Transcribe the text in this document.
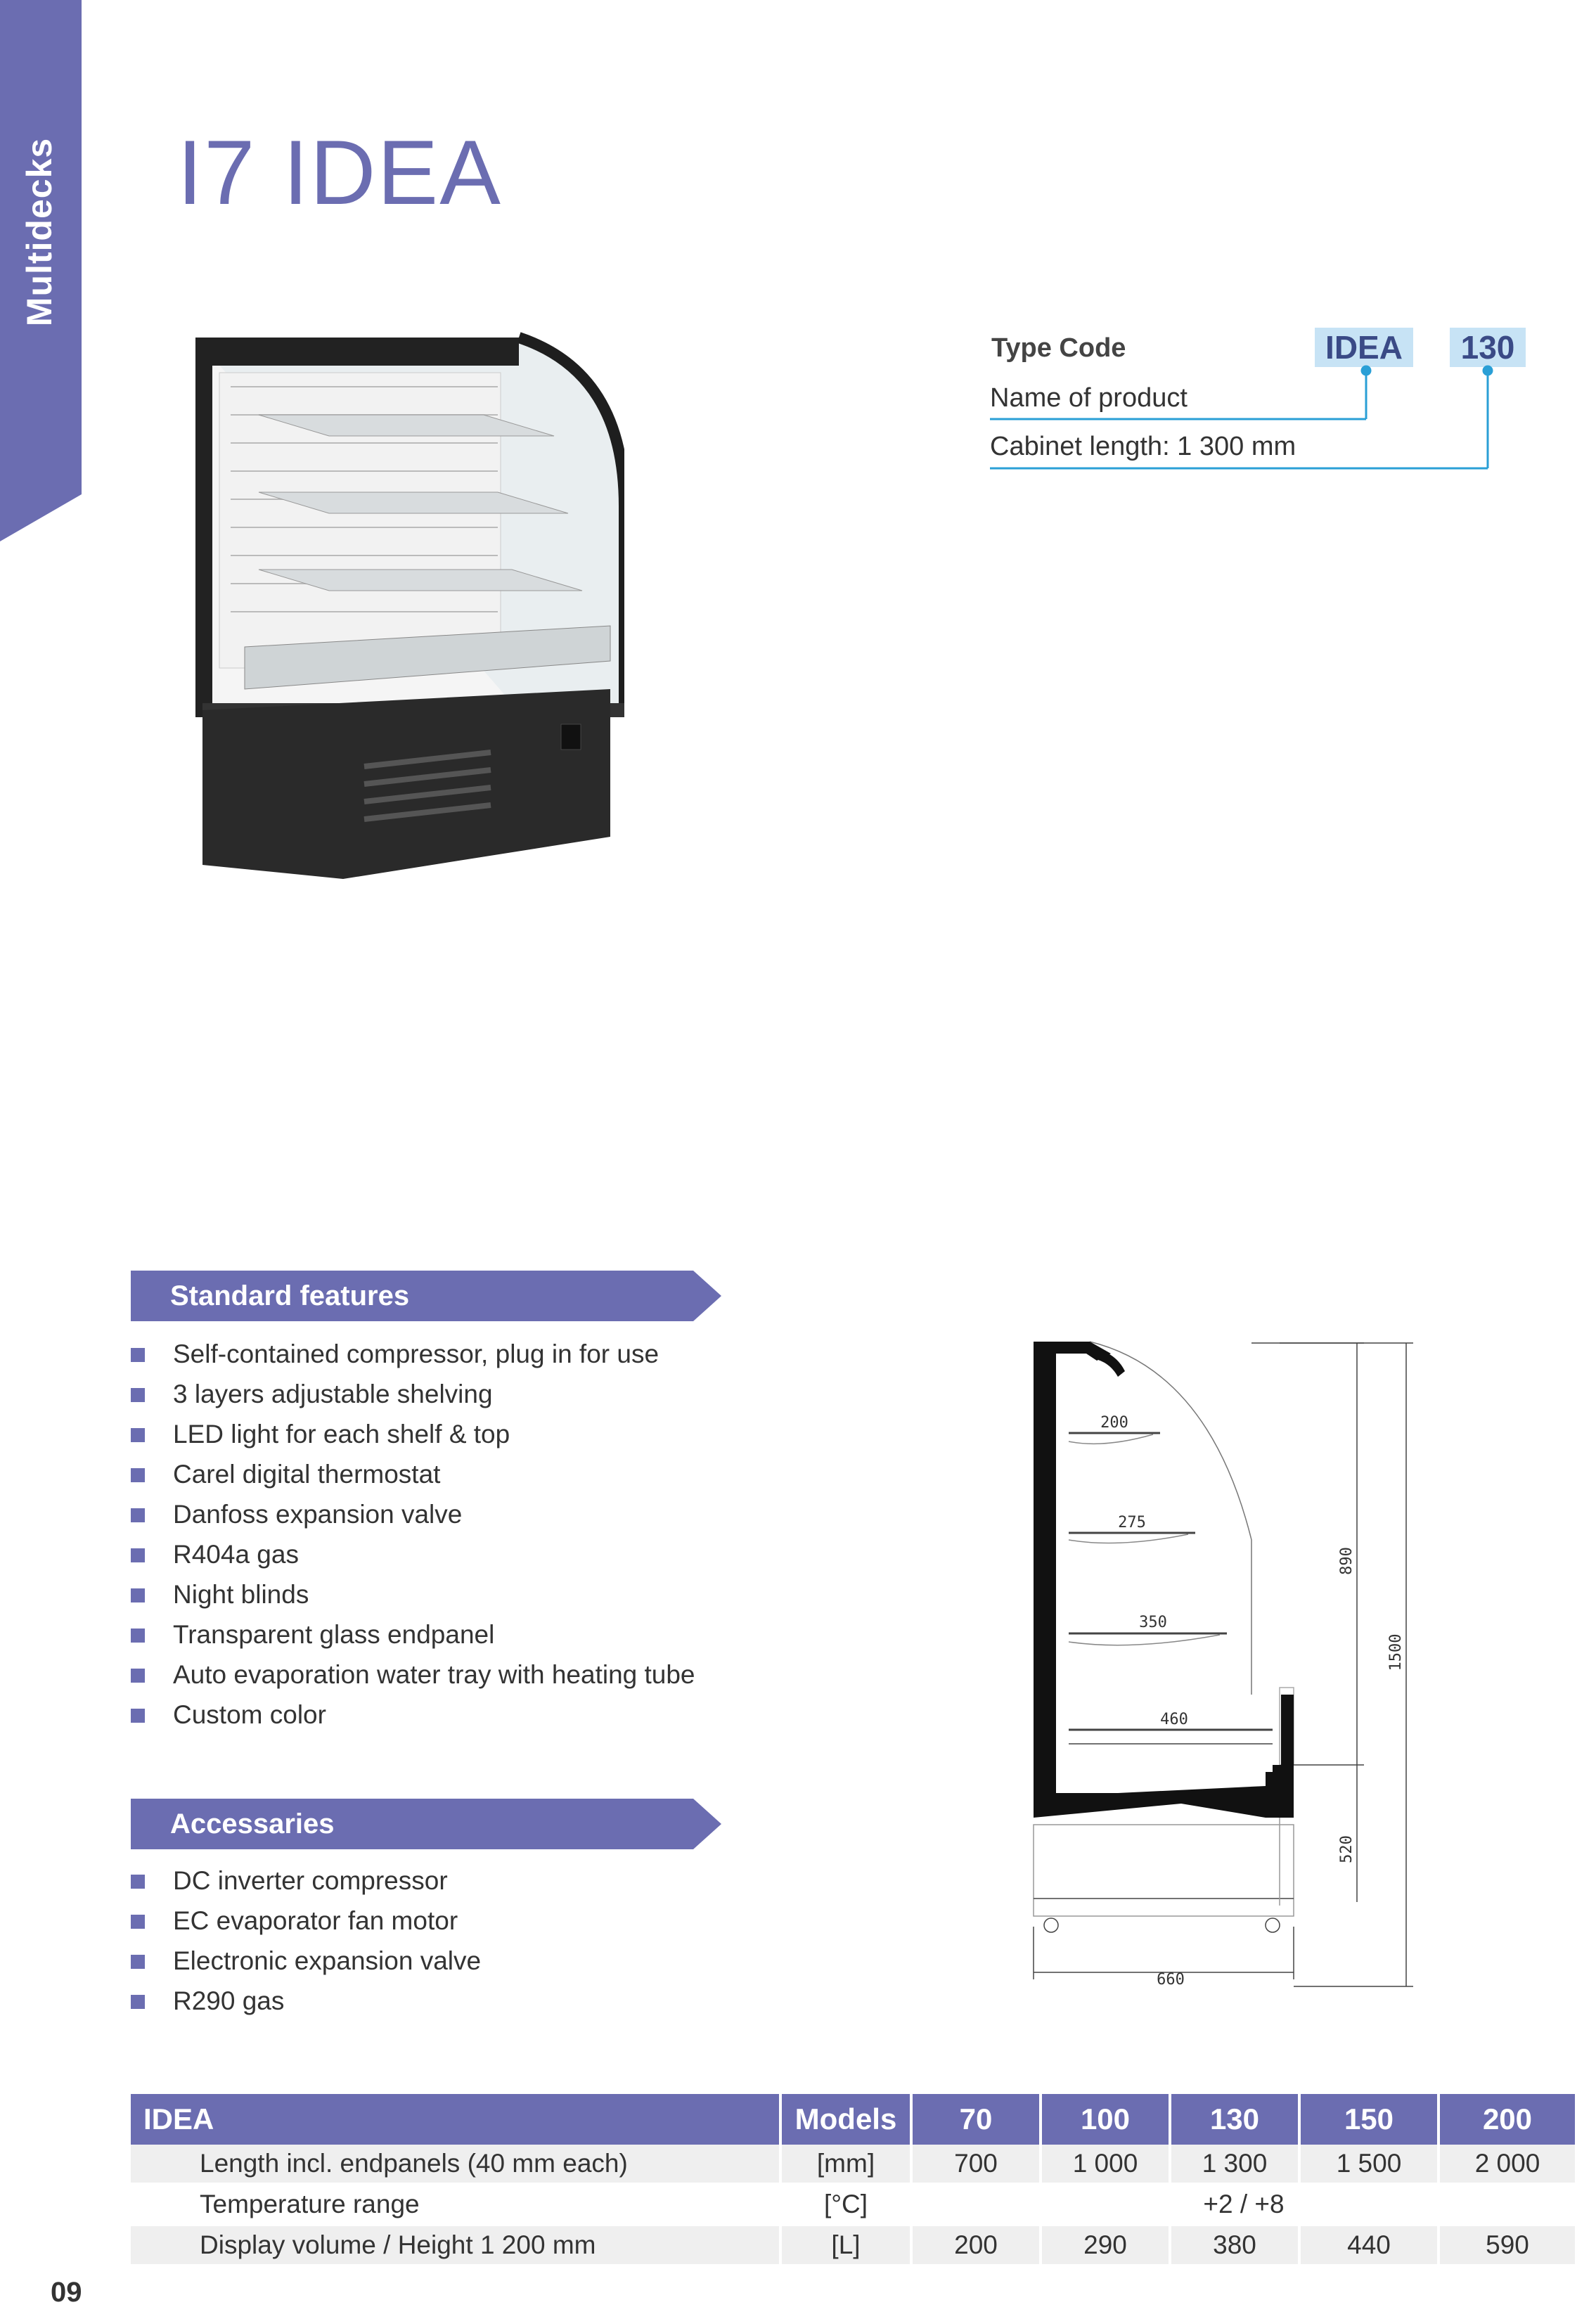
Multidecks I7 IDEA
Type Code	IDEA	130
Name of product
Cabinet length: 1 300 mm
Standard features
Self-contained compressor, plug in for use
3 layers adjustable shelving
LED light for each shelf & top
Carel digital thermostat
Danfoss expansion valve
R404a gas
Night blinds
Transparent glass endpanel
Auto evaporation water tray with heating tube
Custom color
Accessaries
DC inverter compressor
EC evaporator fan motor
Electronic expansion valve
R290 gas
200
275
350
460
660
890
1500
520
IDEA	Models	70	100	130	150	200
Length incl. endpanels (40 mm each)	[mm]	700	1 000	1 300	1 500	2 000
Temperature range	[°C]	+2 / +8				
Display volume / Height 1 200 mm	[L]	200	290	380	440	590
09
